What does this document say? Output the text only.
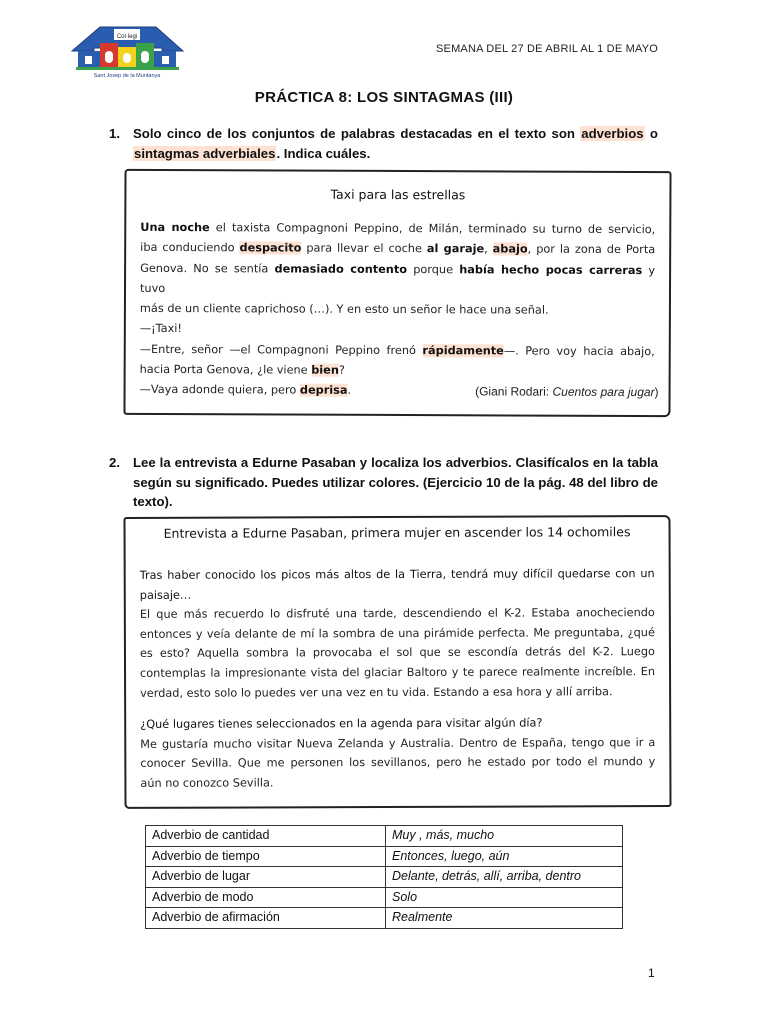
Col·legi
Sant Josep de la Muntanya
SEMANA DEL 27 DE ABRIL AL 1 DE MAYO
PRÁCTICA 8: LOS SINTAGMAS (III)
1. Solo cinco de los conjuntos de palabras destacadas en el texto son adverbios o sintagmas adverbiales. Indica cuáles.
Taxi para las estrellas
Una noche el taxista Compagnoni Peppino, de Milán, terminado su turno de servicio,
iba conduciendo despacito para llevar el coche al garaje, abajo, por la zona de Porta
Genova. No se sentía demasiado contento porque había hecho pocas carreras y tuvo
más de un cliente caprichoso (…). Y en esto un señor le hace una señal.
—¡Taxi!
—Entre, señor —el Compagnoni Peppino frenó rápidamente—. Pero voy hacia abajo,
hacia Porta Genova, ¿le viene bien?
—Vaya adonde quiera, pero deprisa.	(Giani Rodari: Cuentos para jugar)
2. Lee la entrevista a Edurne Pasaban y localiza los adverbios. Clasifícalos en la tabla según su significado. Puedes utilizar colores. (Ejercicio 10 de la pág. 48 del libro de texto).
Entrevista a Edurne Pasaban, primera mujer en ascender los 14 ochomiles
Tras haber conocido los picos más altos de la Tierra, tendrá muy difícil quedarse con un
paisaje…
El que más recuerdo lo disfruté una tarde, descendiendo el K-2. Estaba anocheciendo
entonces y veía delante de mí la sombra de una pirámide perfecta. Me preguntaba, ¿qué
es esto? Aquella sombra la provocaba el sol que se escondía detrás del K-2. Luego
contemplas la impresionante vista del glaciar Baltoro y te parece realmente increíble. En
verdad, esto solo lo puedes ver una vez en tu vida. Estando a esa hora y allí arriba.
¿Qué lugares tienes seleccionados en la agenda para visitar algún día?
Me gustaría mucho visitar Nueva Zelanda y Australia. Dentro de España, tengo que ir a
conocer Sevilla. Que me personen los sevillanos, pero he estado por todo el mundo y
aún no conozco Sevilla.
Adverbio de cantidad	Muy , más, mucho
Adverbio de tiempo	Entonces, luego, aún
Adverbio de lugar	Delante, detrás, allí, arriba, dentro
Adverbio de modo	Solo
Adverbio de afirmación	Realmente
1
